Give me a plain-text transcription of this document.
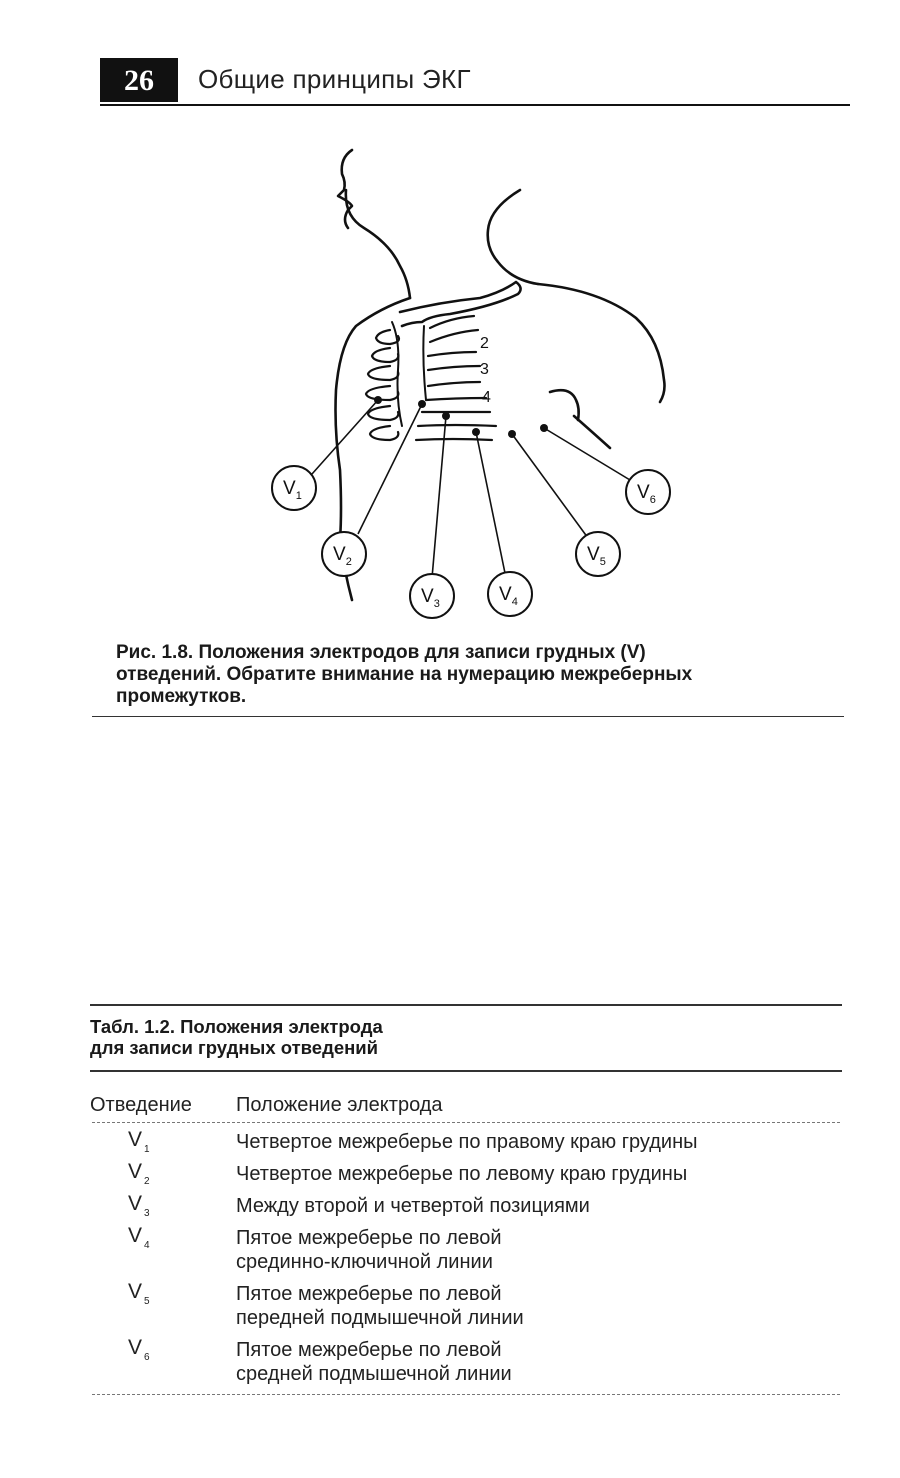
26	Общие принципы ЭКГ
2
3
4
$V_1$
$V_2$
$V_3$	$V_4$
$V_5$
$V_6$
Рис. 1.8. Положения электродов для записи грудных (V)
отведений. Обратите внимание на нумерацию межреберных
промежутков.
Табл. 1.2. Положения электрода
для записи грудных отведений
Отведение Положение электрода
V $_1$	Четвертое межреберье по правому краю грудины
V $_2$	Четвертое межреберье по левому краю грудины
V $_3$	Между второй и четвертой позициями
V $_4$	Пятое межреберье по левой
срединно-ключичной линии
V $_5$	Пятое межреберье по левой
передней подмышечной линии
V $_6$	Пятое межреберье по левой
средней подмышечной линии
